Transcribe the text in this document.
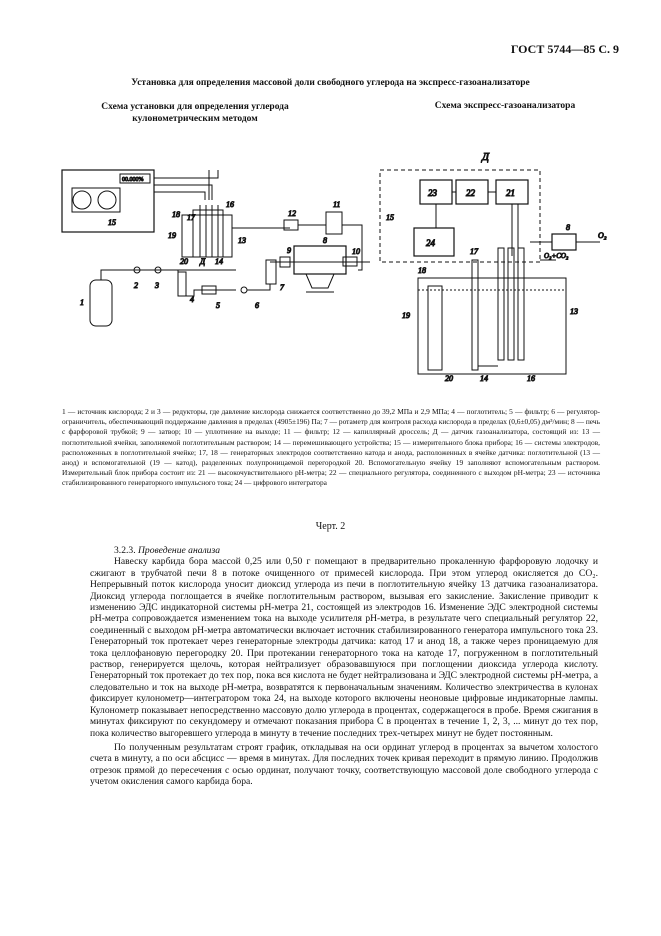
ГОСТ 5744—85 С. 9
Установка для определения массовой доли свободного углерода на экспресс-газоанализаторе
Схема установки для определения углерода кулонометрическим методом
Схема экспресс-газоанализатора
00.000%
15
17
18
19
20 Д 14
16
13
12
11
10
8
9
7
1
2 3
4
5	6
Д
23	22	21
24
15
18
17
19
20	14	16
13
8
O₂
O₂+CO₂
1 — источник кислорода; 2 и 3 — редукторы, где давление кислорода снижается соответственно до 39,2 МПа и 2,9 МПа; 4 — поглотитель; 5 — фильтр; 6 — регулятор-ограничитель, обеспечивающий поддержание давления в пределах (4905±196) Па; 7 — ротаметр для контроля расхода кислорода в пределах (0,6±0,05) дм³/мин; 8 — печь с фарфоровой трубкой; 9 — затвор; 10 — уплотнение на выходе; 11 — фильтр; 12 — капиллярный дроссель; Д — датчик газоанализатора, состоящий из: 13 — поглотительной ячейки, заполняемой поглотительным раствором; 14 — перемешивающего устройства; 15 — измерительного блока прибора; 16 — системы электродов, расположенных в поглотительной ячейке; 17, 18 — генераторных электродов соответственно катода и анода, расположенных в ячейке датчика: поглотительной (13 — анод) и вспомогательной (19 — катод), разделенных полупроницаемой перегородкой 20. Вспомогательную ячейку 19 заполняют вспомогательным раствором. Измерительный блок прибора состоит из: 21 — высокочувствительного pH-метра; 22 — специального регулятора, соединенного с выходом pH-метра; 23 — источника стабилизированного генераторного импульсного тока; 24 — цифрового интегратора
Черт. 2

3.2.3. Проведение анализа

Навеску карбида бора массой 0,25 или 0,50 г помещают в предварительно прокаленную фарфоровую лодочку и сжигают в трубчатой печи 8 в потоке очищенного от примесей кислорода. При этом углерод окисляется до CO₂. Непрерывный поток кислорода уносит диоксид углерода из печи в поглотительную ячейку 13 датчика газоанализатора. Диоксид углерода поглощается в ячейке поглотительным раствором, вызывая его закисление. Закисление приводит к изменению ЭДС индикаторной системы pH-метра 21, состоящей из электродов 16. Изменение ЭДС электродной системы pH-метра сопровождается изменением тока на выходе усилителя pH-метра, в результате чего специальный регулятор 22, соединенный с выходом pH-метра автоматически включает источник стабилизированного генератора импульсного тока 23. Генераторный ток протекает через генераторные электроды датчика: катод 17 и анод 18, а также через проницаемую для тока целлофановую перегородку 20. При протекании генераторного тока на катоде 17, погруженном в поглотительный раствор, генерируется щелочь, которая нейтрализует образовавшуюся при поглощении диоксида углерода кислоту. Генераторный ток протекает до тех пор, пока вся кислота не будет нейтрализована и ЭДС электродной системы pH-метра, а следовательно и ток на выходе pH-метра, возвратятся к первоначальным значениям. Количество электричества в кулонах фиксирует кулонометр—интегратором тока 24, на выходе которого включены неоновые цифровые индикаторные лампы. Кулонометр показывает непосредственно массовую долю углерода в процентах, содержащегося в пробе. Время сжигания в минутах фиксируют по секундомеру и отмечают показания прибора С в процентах в течение 1, 2, 3, ... минут до тех пор, пока количество выгоревшего углерода в минуту в течение последних трех-четырех минут не будет постоянным.

По полученным результатам строят график, откладывая на оси ординат углерод в процентах за вычетом холостого счета в минуту, а по оси абсцисс — время в минутах. Для последних точек кривая переходит в прямую линию. Продолжив отрезок прямой до пересечения с осью ординат, получают точку, соответствующую массовой доле свободного углерода с учетом окисления самого карбида бора.
